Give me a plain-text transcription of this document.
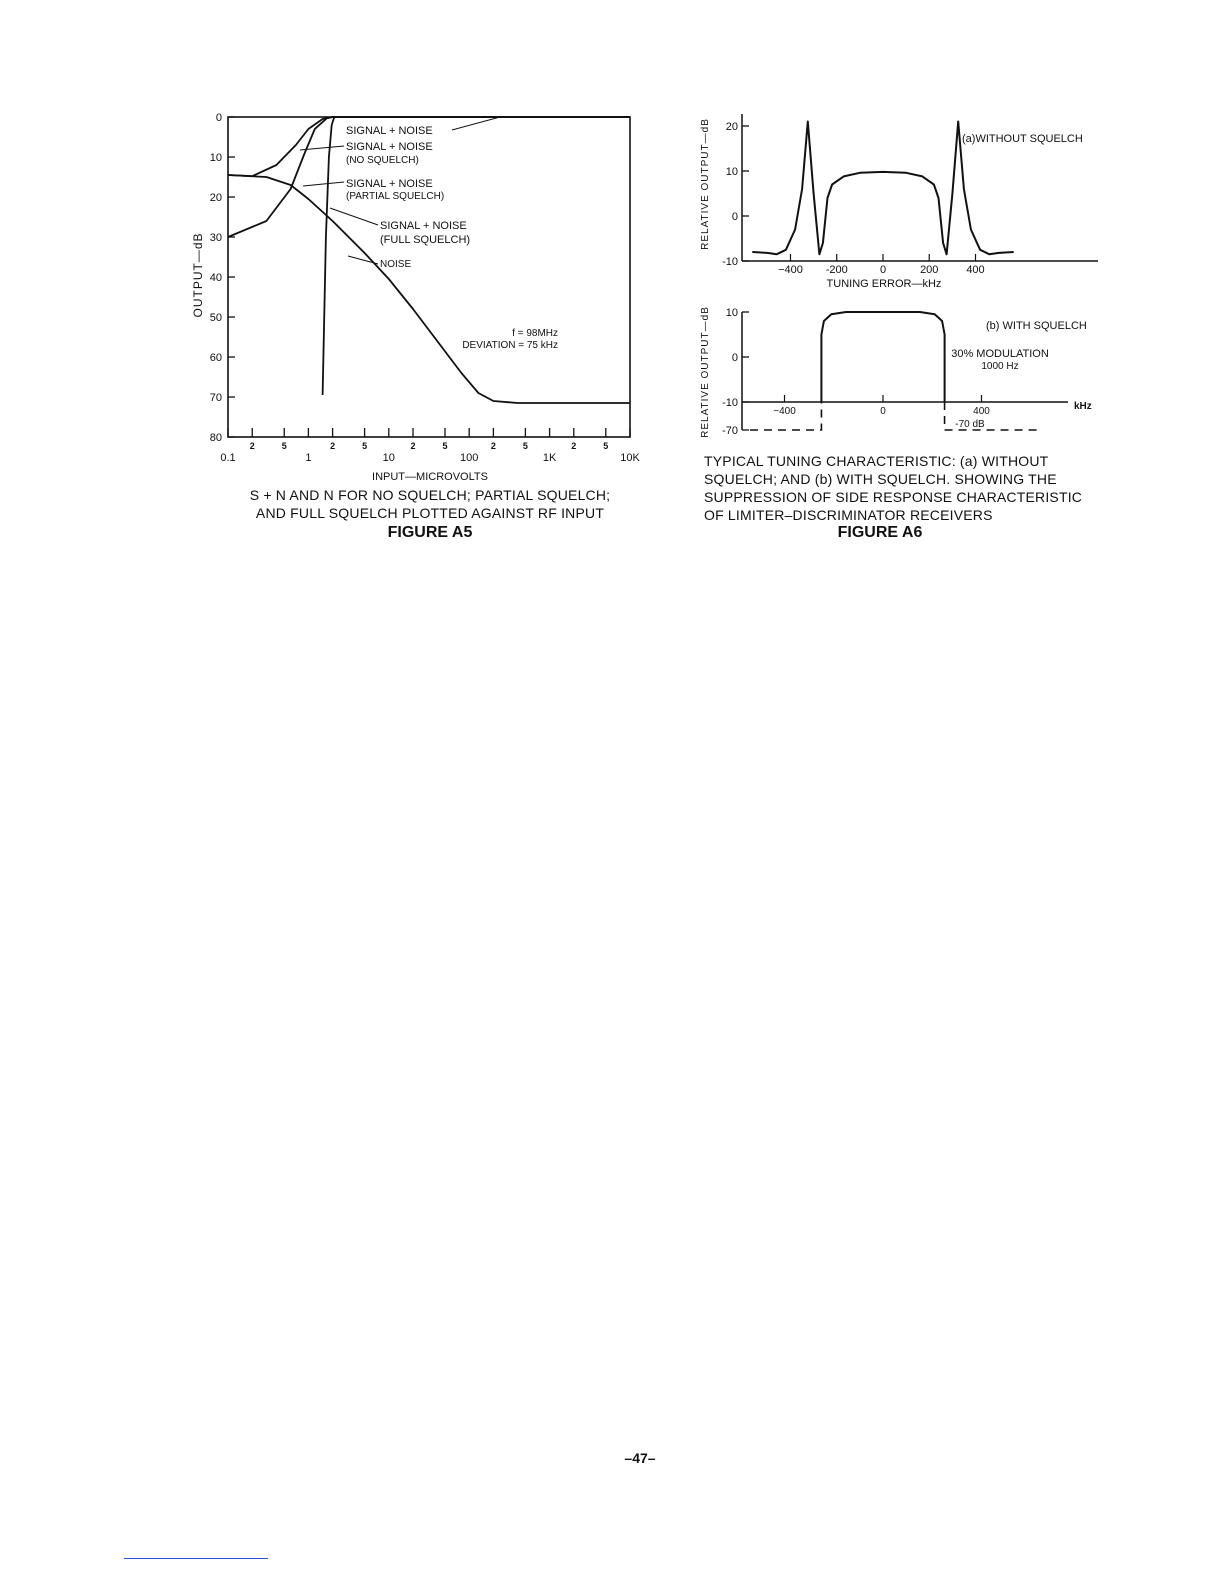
0
10
20
30
40
50
60
70
80
0.1	1	10	100	1K	10K
2	5	2	5	2	5	2	5	2	5
OUTPUT—dB
INPUT—MICROVOLTS
SIGNAL + NOISE
SIGNAL + NOISE
(NO SQUELCH)
SIGNAL + NOISE
(PARTIAL SQUELCH)
SIGNAL + NOISE
(FULL SQUELCH)
NOISE
f = 98MHz
DEVIATION = 75 kHz
S + N AND N FOR NO SQUELCH; PARTIAL SQUELCH;
AND FULL SQUELCH PLOTTED AGAINST RF INPUT
FIGURE A5
20
10
0
-10
−400 -200	0	200	400
RELATIVE OUTPUT—dB
TUNING ERROR—kHz
(a)WITHOUT SQUELCH
10
0
-10
-70
−400	0	400
RELATIVE OUTPUT—dB	kHz
(b) WITH SQUELCH
30% MODULATION
1000 Hz
-70 dB
TYPICAL TUNING CHARACTERISTIC: (a) WITHOUT
SQUELCH; AND (b) WITH SQUELCH. SHOWING THE
SUPPRESSION OF SIDE RESPONSE CHARACTERISTIC
OF LIMITER–DISCRIMINATOR RECEIVERS
FIGURE A6
–47–
